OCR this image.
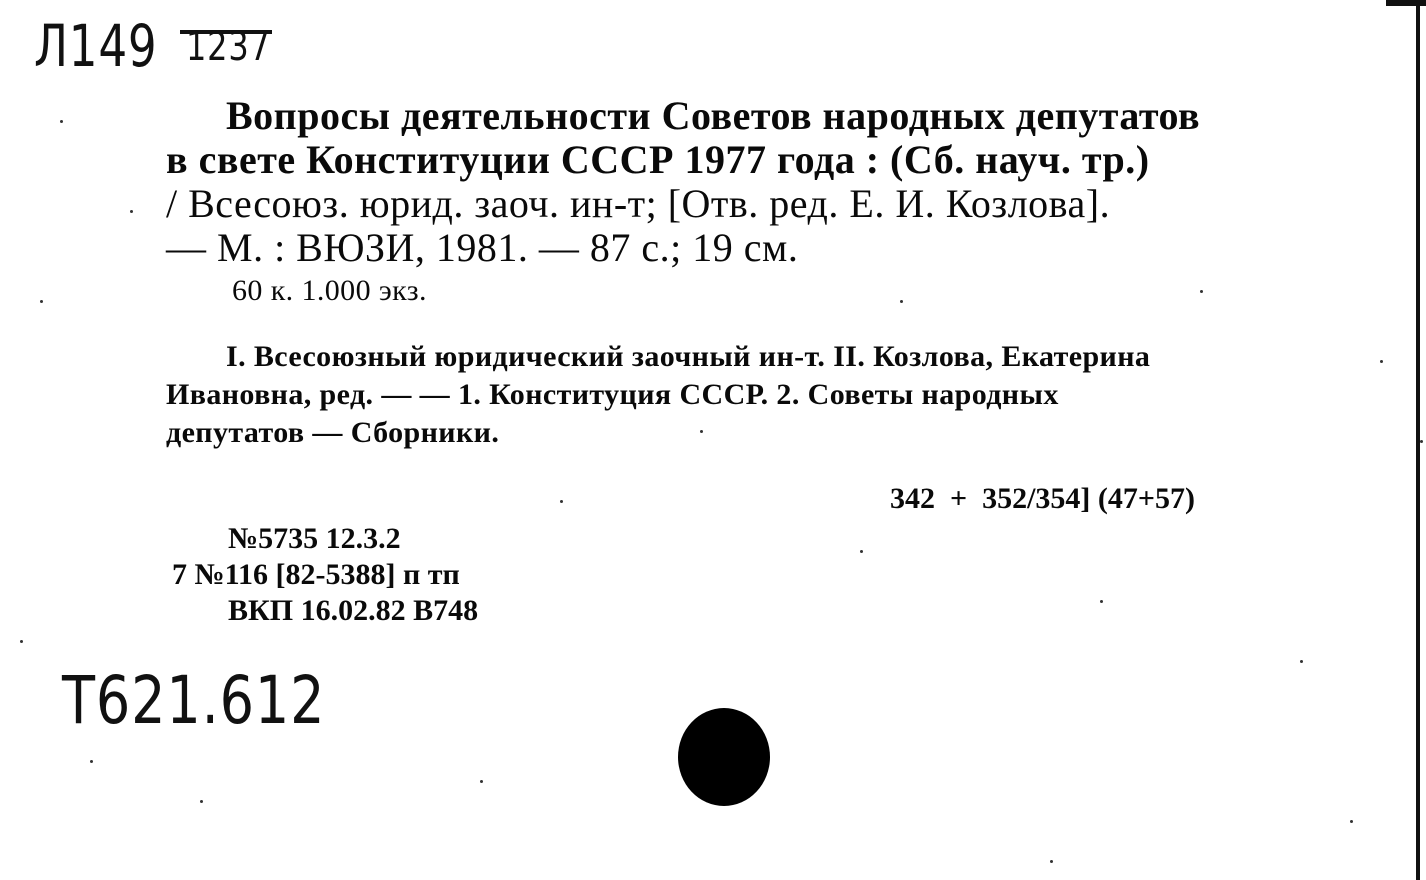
Л149 1237
Вопросы деятельности Советов народных депутатов
в свете Конституции СССР 1977 года : (Сб. науч. тр.)
/ Всесоюз. юрид. заоч. ин-т; [Отв. ред. Е. И. Козлова].
— М. : ВЮЗИ, 1981. — 87 с.; 19 см.
60 к. 1.000 экз.
I. Всесоюзный юридический заочный ин-т. II. Козлова, Екатерина
Ивановна, ред. — — 1. Конституция СССР. 2. Советы народных
депутатов — Сборники.
342  +  352/354] (47+57)
№5735 12.3.2
7 №116 [82-5388] п тп
ВКП 16.02.82 В748
Т621.612
